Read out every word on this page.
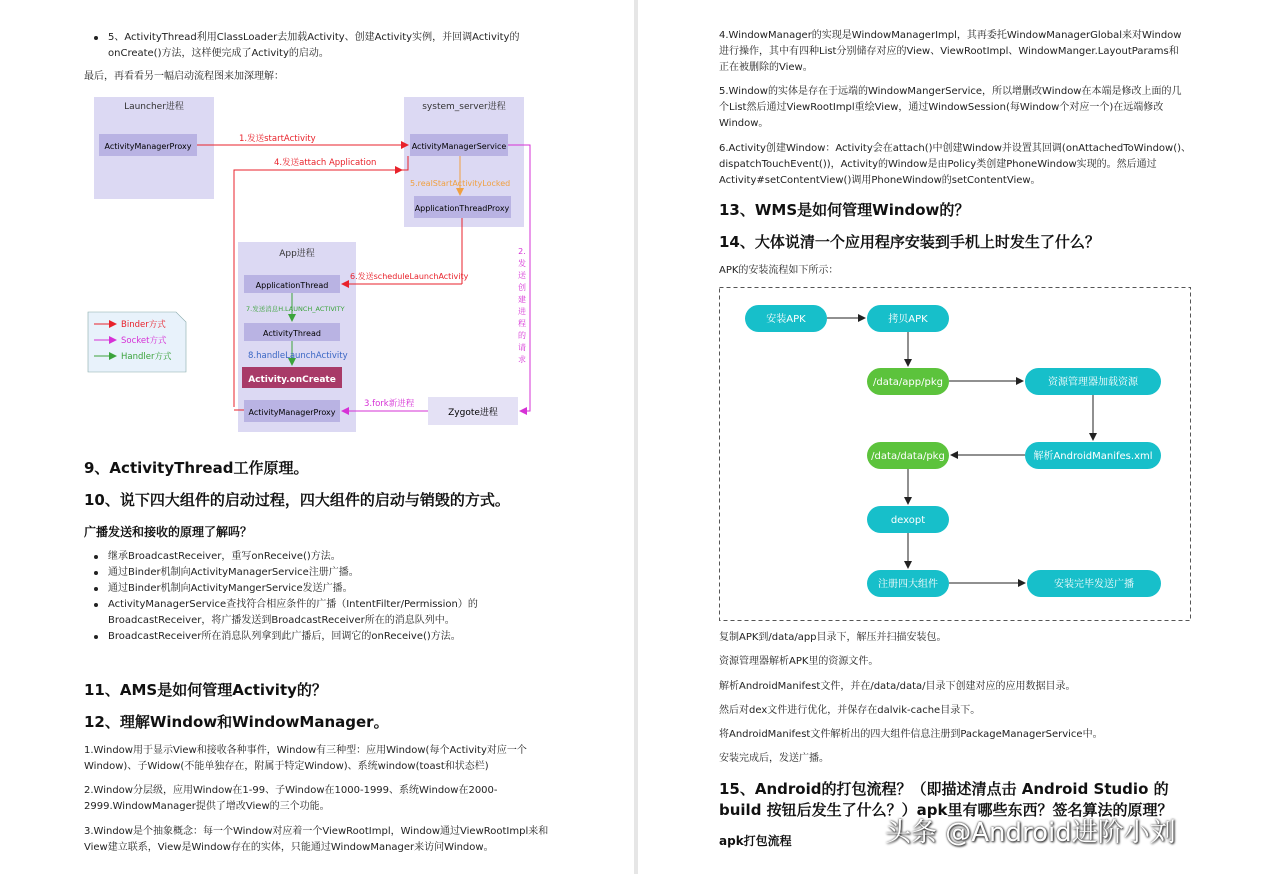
5、ActivityThread利用ClassLoader去加载Activity、创建Activity实例，并回调Activity的
onCreate()方法，这样便完成了Activity的启动。
最后，再看看另一幅启动流程图来加深理解：
Launcher进程	system_server进程
App进程
ActivityManagerProxy	ActivityManagerService
ApplicationThreadProxy
ApplicationThread
ActivityThread
Activity.onCreate
ActivityManagerProxy	Zygote进程
1.发送startActivity
4.发送attach Application
5.realStartActivityLocked
6.发送scheduleLaunchActivity
7.发送消息H.LAUNCH_ACTIVITY
8.handleLaunchActivity
3.fork新进程
2.
发
送
创
建
进
程
的
请
求
Binder方式
Socket方式
Handler方式
9、ActivityThread工作原理。
10、说下四大组件的启动过程，四大组件的启动与销毁的方式。
广播发送和接收的原理了解吗？
继承BroadcastReceiver，重写onReceive()方法。
通过Binder机制向ActivityManagerService注册广播。
通过Binder机制向ActivityMangerService发送广播。
ActivityManagerService查找符合相应条件的广播（IntentFilter/Permission）的
BroadcastReceiver，将广播发送到BroadcastReceiver所在的消息队列中。
BroadcastReceiver所在消息队列拿到此广播后，回调它的onReceive()方法。
11、AMS是如何管理Activity的？
12、理解Window和WindowManager。
1.Window用于显示View和接收各种事件，Window有三种型：应用Window(每个Activity对应一个
Window)、子Widow(不能单独存在，附属于特定Window)、系统window(toast和状态栏)
2.Window分层级，应用Window在1-99、子Window在1000-1999、系统Window在2000-
2999.WindowManager提供了增改View的三个功能。
3.Window是个抽象概念：每一个Window对应着一个ViewRootImpl，Window通过ViewRootImpl来和
View建立联系，View是Window存在的实体，只能通过WindowManager来访问Window。
4.WindowManager的实现是WindowManagerImpl，其再委托WindowManagerGlobal来对Window
进行操作，其中有四种List分别储存对应的View、ViewRootImpl、WindowManger.LayoutParams和
正在被删除的View。
5.Window的实体是存在于远端的WindowMangerService，所以增删改Window在本端是修改上面的几
个List然后通过ViewRootImpl重绘View，通过WindowSession(每Window个对应一个)在远端修改
Window。
6.Activity创建Window：Activity会在attach()中创建Window并设置其回调(onAttachedToWindow()、
dispatchTouchEvent())，Activity的Window是由Policy类创建PhoneWindow实现的。然后通过
Activity#setContentView()调用PhoneWindow的setContentView。
13、WMS是如何管理Window的？
14、大体说清一个应用程序安装到手机上时发生了什么？
APK的安装流程如下所示：
安装APK	拷贝APK
/data/app/pkg	资源管理器加载资源
解析AndroidManifes.xml
/data/data/pkg
dexopt
注册四大组件	安装完毕发送广播
复制APK到/data/app目录下，解压并扫描安装包。
资源管理器解析APK里的资源文件。
解析AndroidManifest文件，并在/data/data/目录下创建对应的应用数据目录。
然后对dex文件进行优化，并保存在dalvik-cache目录下。
将AndroidManifest文件解析出的四大组件信息注册到PackageManagerService中。
安装完成后，发送广播。
15、Android的打包流程？（即描述清点击 Android Studio 的
build 按钮后发生了什么？）apk里有哪些东西？签名算法的原理？
apk打包流程	头条 @Android进阶小刘
